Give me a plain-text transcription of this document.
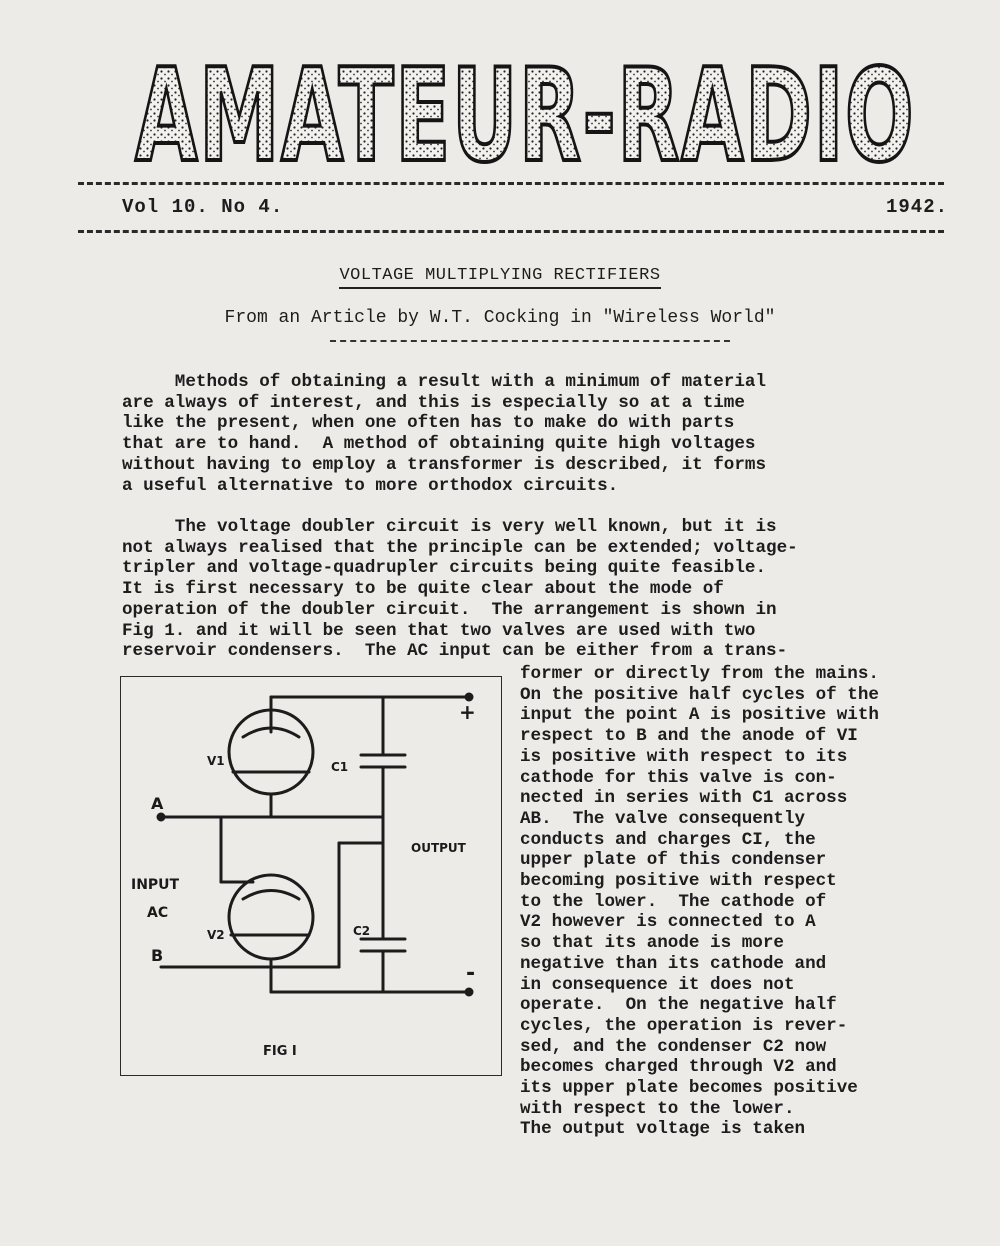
AMATEUR-RADIO
Vol 10. No 4.	1942.
VOLTAGE MULTIPLYING RECTIFIERS
From an Article by W.T. Cocking in "Wireless World"

Methods of obtaining a result with a minimum of material
are always of interest, and this is especially so at a time
like the present, when one often has to make do with parts
that are to hand.  A method of obtaining quite high voltages
without having to employ a transformer is described, it forms
a useful alternative to more orthodox circuits.

The voltage doubler circuit is very well known, but it is
not always realised that the principle can be extended; voltage-
tripler and voltage-quadrupler circuits being quite feasible.
It is first necessary to be quite clear about the mode of
operation of the doubler circuit.  The arrangement is shown in
Fig 1. and it will be seen that two valves are used with two
reservoir condensers.  The AC input can be either from a trans-

+
-
V1
V2
C1
C2
A
B
INPUT
AC
OUTPUT
FIG I

former or directly from the mains.
On the positive half cycles of the
input the point A is positive with
respect to B and the anode of VI
is positive with respect to its
cathode for this valve is con-
nected in series with C1 across
AB.  The valve consequently
conducts and charges CI, the
upper plate of this condenser
becoming positive with respect
to the lower.  The cathode of
V2 however is connected to A
so that its anode is more
negative than its cathode and
in consequence it does not
operate.  On the negative half
cycles, the operation is rever-
sed, and the condenser C2 now
becomes charged through V2 and
its upper plate becomes positive
with respect to the lower.
The output voltage is taken
